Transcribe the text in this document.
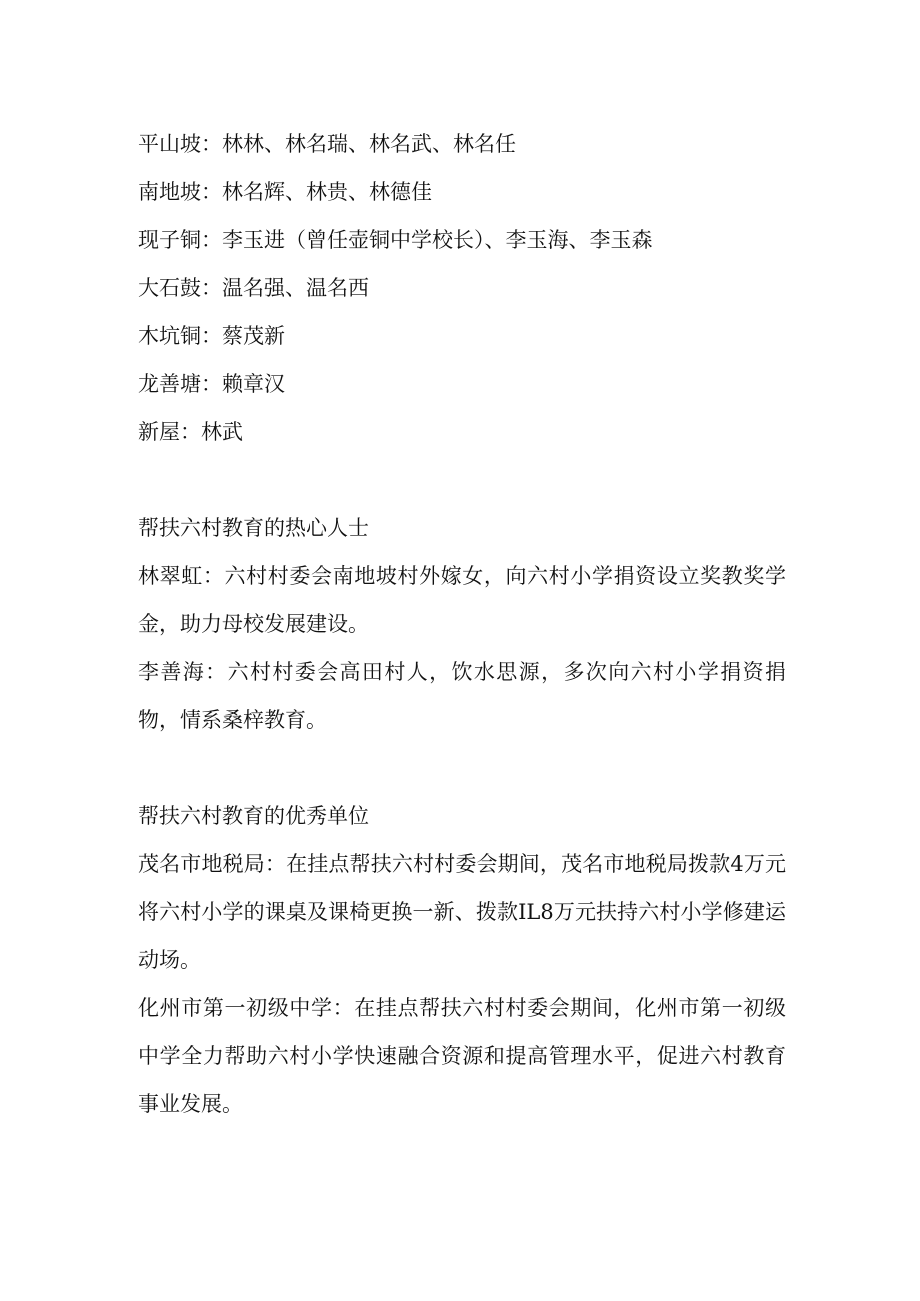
平山坡：林林、林名瑞、林名武、林名任

南地坡：林名辉、林贵、林德佳

现子铜：李玉进（曾任壶铜中学校长）、李玉海、李玉森

大石鼓：温名强、温名西

木坑铜：蔡茂新

龙善塘：赖章汉

新屋：林武

帮扶六村教育的热心人士

林翠虹：六村村委会南地坡村外嫁女，向六村小学捐资设立奖教奖学金，助力母校发展建设。

李善海：六村村委会高田村人，饮水思源，多次向六村小学捐资捐物，情系桑梓教育。

帮扶六村教育的优秀单位

茂名市地税局：在挂点帮扶六村村委会期间，茂名市地税局拨款4万元将六村小学的课桌及课椅更换一新、拨款IL8万元扶持六村小学修建运动场。

化州市第一初级中学：在挂点帮扶六村村委会期间，化州市第一初级中学全力帮助六村小学快速融合资源和提高管理水平，促进六村教育事业发展。
